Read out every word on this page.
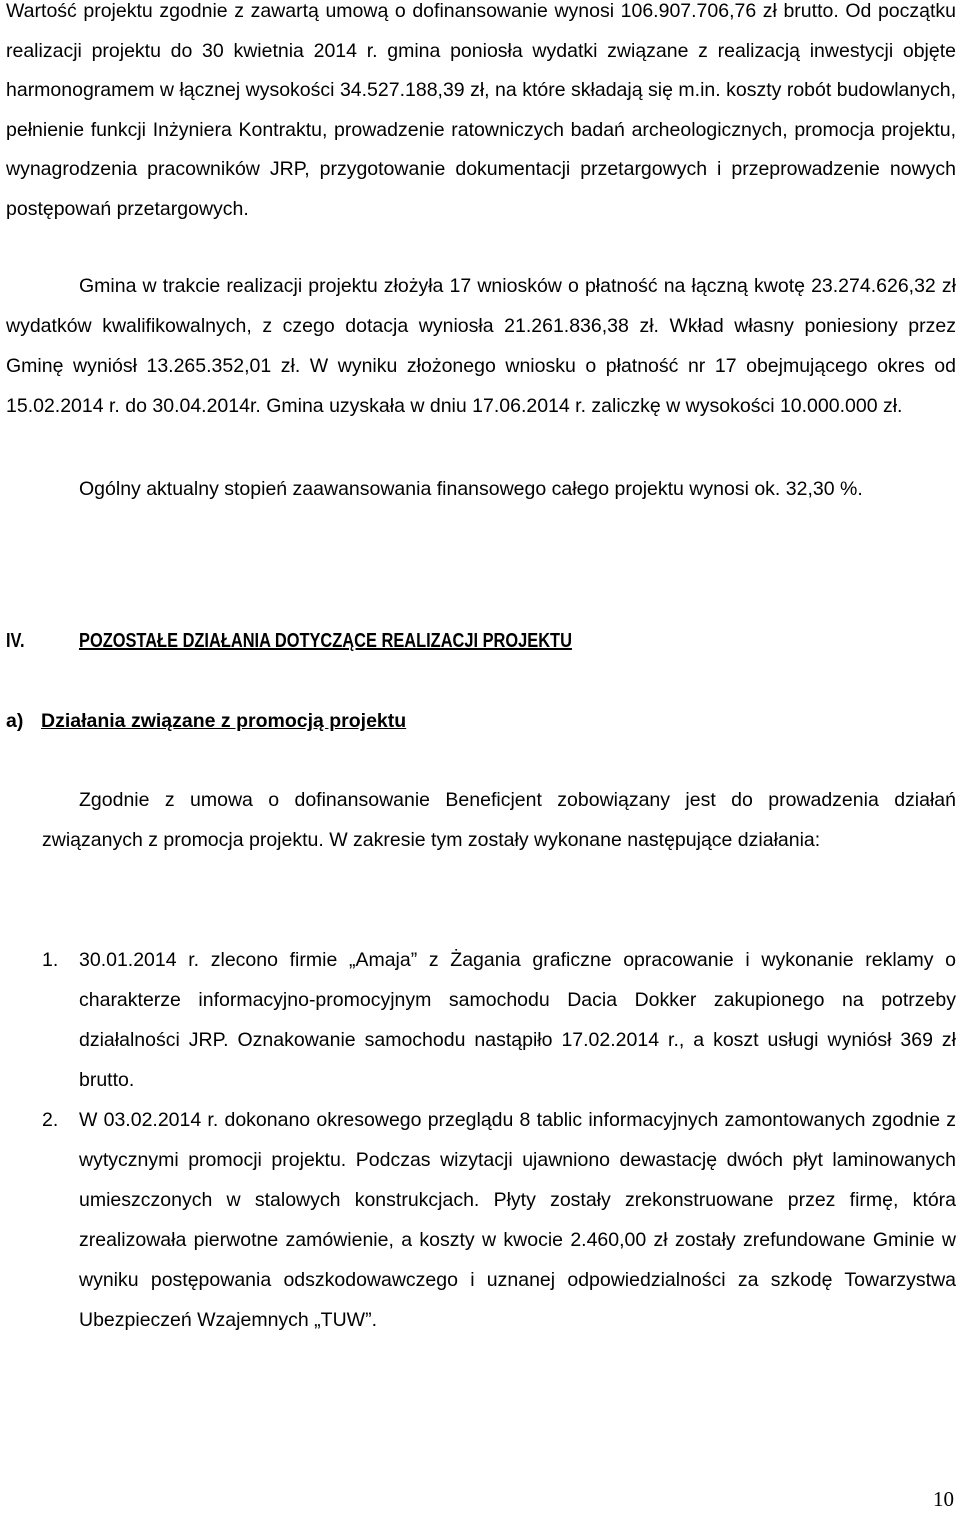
Wartość projektu zgodnie z zawartą umową o dofinansowanie wynosi 106.907.706,76 zł brutto. Od początku realizacji projektu do 30 kwietnia 2014 r. gmina poniosła wydatki związane z realizacją inwestycji objęte harmonogramem w łącznej wysokości 34.527.188,39 zł, na które składają się m.in. koszty robót budowlanych, pełnienie funkcji Inżyniera Kontraktu, prowadzenie ratowniczych badań archeologicznych, promocja projektu, wynagrodzenia pracowników JRP, przygotowanie dokumentacji przetargowych i przeprowadzenie nowych postępowań przetargowych.

Gmina w trakcie realizacji projektu złożyła 17 wniosków o płatność na łączną kwotę 23.274.626,32 zł wydatków kwalifikowalnych, z czego dotacja wyniosła 21.261.836,38 zł. Wkład własny poniesiony przez Gminę wyniósł 13.265.352,01 zł. W wyniku złożonego wniosku o płatność nr 17 obejmującego okres od 15.02.2014 r. do 30.04.2014r. Gmina uzyskała w dniu 17.06.2014 r. zaliczkę w wysokości 10.000.000 zł.

Ogólny aktualny stopień zaawansowania finansowego całego projektu wynosi ok. 32,30 %.

IV.	POZOSTAŁE DZIAŁANIA DOTYCZĄCE REALIZACJI PROJEKTU
a) Działania związane z promocją projektu

Zgodnie z umowa o dofinansowanie Beneficjent zobowiązany jest do prowadzenia działań związanych z promocja projektu. W zakresie tym zostały wykonane następujące działania:

1. 30.01.2014 r. zlecono firmie „Amaja” z Żagania graficzne opracowanie i wykonanie reklamy o charakterze informacyjno-promocyjnym samochodu Dacia Dokker zakupionego na potrzeby działalności JRP. Oznakowanie samochodu nastąpiło 17.02.2014 r., a koszt usługi wyniósł 369 zł brutto.

2. W 03.02.2014 r. dokonano okresowego przeglądu 8 tablic informacyjnych zamontowanych zgodnie z wytycznymi promocji projektu. Podczas wizytacji ujawniono dewastację dwóch płyt laminowanych umieszczonych w stalowych konstrukcjach. Płyty zostały zrekonstruowane przez firmę, która zrealizowała pierwotne zamówienie, a koszty w kwocie 2.460,00 zł zostały zrefundowane Gminie w wyniku postępowania odszkodowawczego i uznanej odpowiedzialności za szkodę Towarzystwa Ubezpieczeń Wzajemnych „TUW”.

10
